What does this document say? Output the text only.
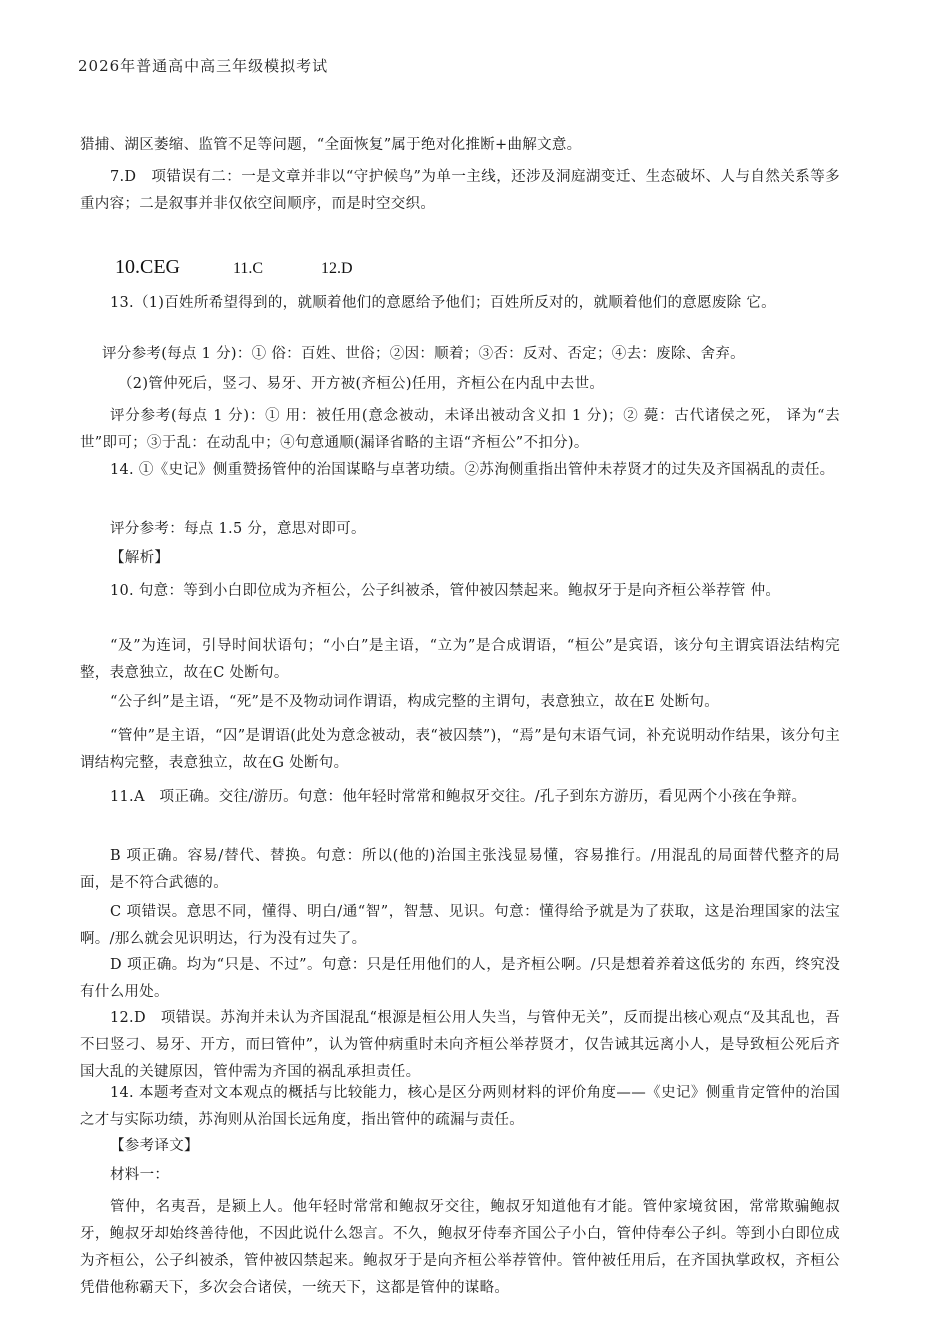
2026年普通高中高三年级模拟考试
猎捕、湖区萎缩、监管不足等问题，“全面恢复”属于绝对化推断+曲解文意。
7.D　项错误有二：一是文章并非以“守护候鸟”为单一主线，还涉及洞庭湖变迁、生态破坏、人与自然关系等多重内容；二是叙事并非仅依空间顺序，而是时空交织。
10.CEG	11.C	12.D
13.（1)百姓所希望得到的，就顺着他们的意愿给予他们；百姓所反对的，就顺着他们的意愿废除 它。
评分参考(每点 1 分)：① 俗：百姓、世俗；②因：顺着；③否：反对、否定；④去：废除、舍弃。
（2)管仲死后，竖刁、易牙、开方被(齐桓公)任用，齐桓公在内乱中去世。
评分参考(每点 1 分)：① 用：被任用(意念被动，未译出被动含义扣 1 分)；② 薨：古代诸侯之死， 译为“去世”即可；③于乱：在动乱中；④句意通顺(漏译省略的主语“齐桓公”不扣分)。
14. ①《史记》侧重赞扬管仲的治国谋略与卓著功绩。②苏洵侧重指出管仲未荐贤才的过失及齐国祸乱的责任。
评分参考：每点 1.5 分，意思对即可。
【解析】
10. 句意：等到小白即位成为齐桓公，公子纠被杀，管仲被囚禁起来。鲍叔牙于是向齐桓公举荐管 仲。
“及”为连词，引导时间状语句；“小白”是主语，“立为”是合成谓语，“桓公”是宾语，该分句主谓宾语法结构完整，表意独立，故在C 处断句。
“公子纠”是主语，“死”是不及物动词作谓语，构成完整的主谓句，表意独立，故在E 处断句。
“管仲”是主语，“囚”是谓语(此处为意念被动，表“被囚禁”)，“焉”是句末语气词，补充说明动作结果，该分句主谓结构完整，表意独立，故在G 处断句。
11.A　项正确。交往/游历。句意：他年轻时常常和鲍叔牙交往。/孔子到东方游历，看见两个小孩在争辩。
B 项正确。容易/替代、替换。句意：所以(他的)治国主张浅显易懂，容易推行。/用混乱的局面替代整齐的局面，是不符合武德的。
C 项错误。意思不同，懂得、明白/通“智”，智慧、见识。句意：懂得给予就是为了获取，这是治理国家的法宝啊。/那么就会见识明达，行为没有过失了。
D 项正确。均为“只是、不过”。句意：只是任用他们的人，是齐桓公啊。/只是想着养着这低劣的 东西，终究没有什么用处。
12.D　项错误。苏洵并未认为齐国混乱“根源是桓公用人失当，与管仲无关”，反而提出核心观点“及其乱也，吾不曰竖刁、易牙、开方，而曰管仲”，认为管仲病重时未向齐桓公举荐贤才，仅告诫其远离小人，是导致桓公死后齐国大乱的关键原因，管仲需为齐国的祸乱承担责任。
14. 本题考查对文本观点的概括与比较能力，核心是区分两则材料的评价角度——《史记》侧重肯定管仲的治国之才与实际功绩，苏洵则从治国长远角度，指出管仲的疏漏与责任。
【参考译文】
材料一：
管仲，名夷吾，是颍上人。他年轻时常常和鲍叔牙交往，鲍叔牙知道他有才能。管仲家境贫困，常常欺骗鲍叔牙，鲍叔牙却始终善待他，不因此说什么怨言。不久，鲍叔牙侍奉齐国公子小白，管仲侍奉公子纠。等到小白即位成为齐桓公，公子纠被杀，管仲被囚禁起来。鲍叔牙于是向齐桓公举荐管仲。管仲被任用后，在齐国执掌政权，齐桓公凭借他称霸天下，多次会合诸侯，一统天下，这都是管仲的谋略。
